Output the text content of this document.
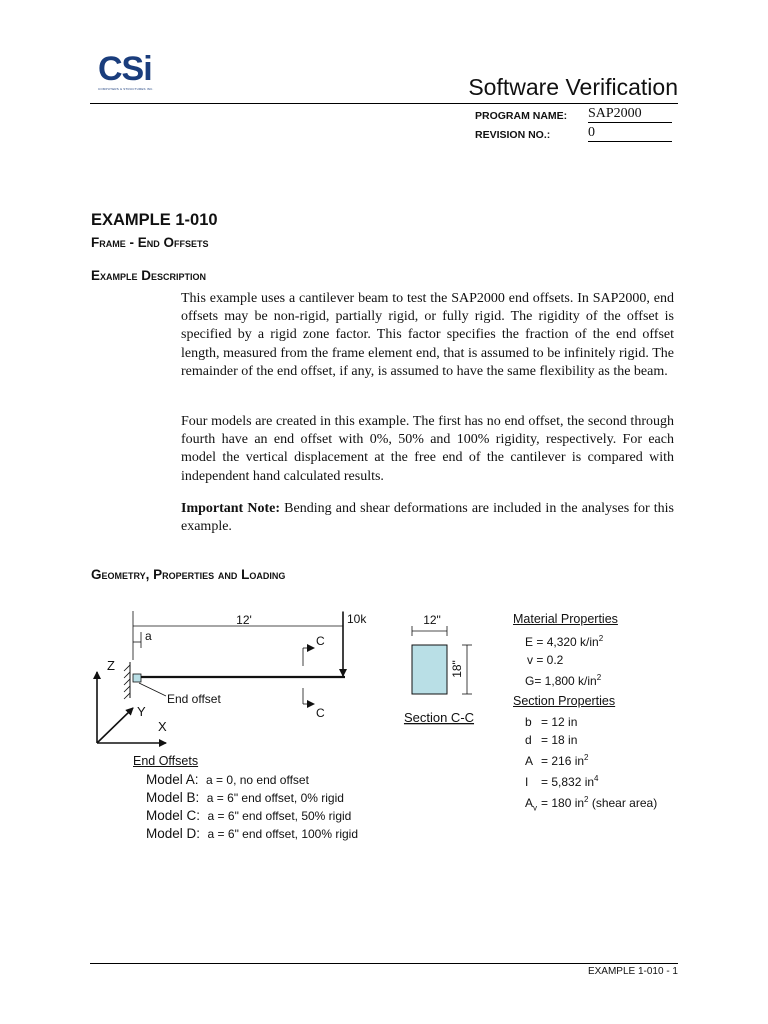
CSi
COMPUTERS & STRUCTURES INC.	Software Verification
PROGRAM NAME: SAP2000
REVISION NO.:	0
EXAMPLE 1-010
Frame - End Offsets
Example Description
This example uses a cantilever beam to test the SAP2000 end offsets. In SAP2000, end offsets may be non-rigid, partially rigid, or fully rigid. The rigidity of the offset is specified by a rigid zone factor. This factor specifies the fraction of the end offset length, measured from the frame element end, that is assumed to be infinitely rigid. The remainder of the end offset, if any, is assumed to have the same flexibility as the beam.
Four models are created in this example. The first has no end offset, the second through fourth have an end offset with 0%, 50% and 100% rigidity, respectively. For each model the vertical displacement at the free end of the cantilever is compared with independent hand calculated results.
Important Note: Bending and shear deformations are included in the analyses for this example.
Geometry, Properties and Loading
12'
a
10k
End offset
C
C
Z
Y
X
12"
18"
Section C-C
End Offsets
Model A: a = 0, no end offset
Model B: a = 6" end offset, 0% rigid
Model C: a = 6" end offset, 50% rigid
Model D: a = 6" end offset, 100% rigid
Material Properties
E = 4,320 $k/in^2$
v = 0.2
G= 1,800 $k/in^2$
Section Properties
b = 12 in
d = 18 in
A = 216 $in^2$
I = 5,832 $in^4$
$A_v = 180$ $in^2$ (shear area)
EXAMPLE 1-010 - 1
